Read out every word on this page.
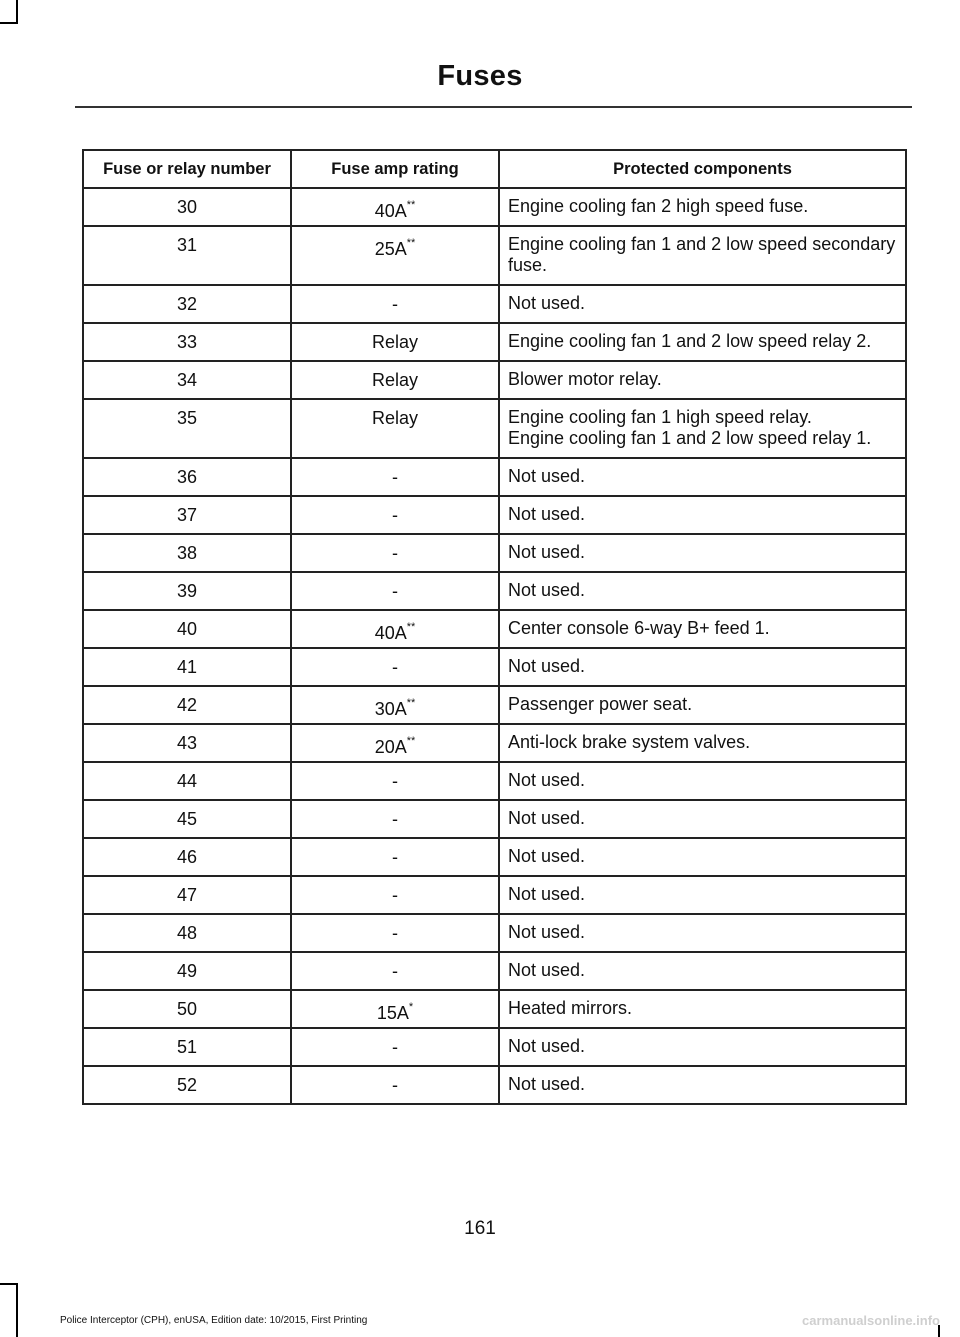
Fuses
Fuse or relay number	Fuse amp rating	Protected components
30	40A**	Engine cooling fan 2 high speed fuse.

31	25A**	Engine cooling fan 1 and 2 low speed secondary fuse.

32	-	Not used.

33	Relay	Engine cooling fan 1 and 2 low speed relay 2.

34	Relay	Blower motor relay.

35	Relay	Engine cooling fan 1 high speed relay.
Engine cooling fan 1 and 2 low speed relay 1.

36	-	Not used.

37	-	Not used.

38	-	Not used.

39	-	Not used.

40	40A**	Center console 6-way B+ feed 1.

41	-	Not used.

42	30A**	Passenger power seat.

43	20A**	Anti-lock brake system valves.

44	-	Not used.

45	-	Not used.

46	-	Not used.

47	-	Not used.

48	-	Not used.

49	-	Not used.

50	15A*	Heated mirrors.

51	-	Not used.

52	-	Not used.
161
Police Interceptor (CPH), enUSA, Edition date: 10/2015, First Printing	carmanualsonline.info
